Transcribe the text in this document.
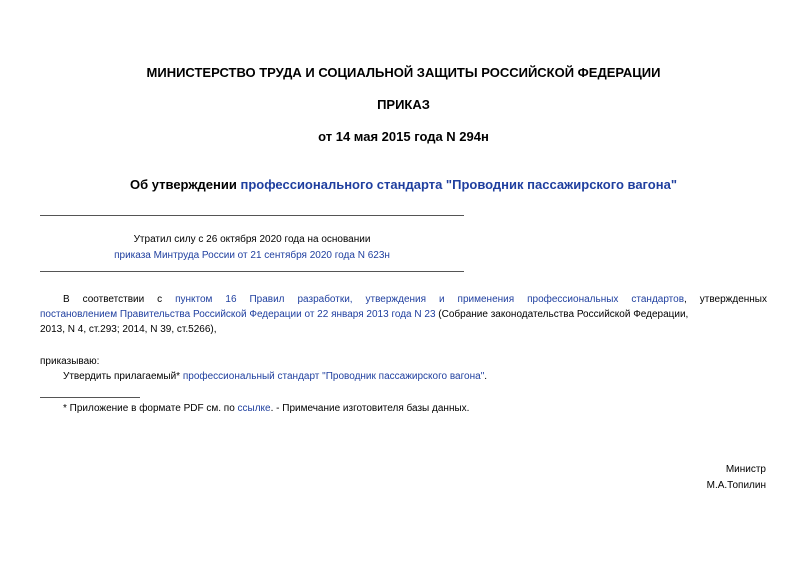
МИНИСТЕРСТВО ТРУДА И СОЦИАЛЬНОЙ ЗАЩИТЫ РОССИЙСКОЙ ФЕДЕРАЦИИ
ПРИКАЗ
от 14 мая 2015 года N 294н
Об утверждении профессионального стандарта "Проводник пассажирского вагона"
Утратил силу с 26 октября 2020 года на основании
приказа Минтруда России от 21 сентября 2020 года N 623н
В соответствии с пунктом 16 Правил разработки, утверждения и применения профессиональных стандартов, утвержденных
постановлением Правительства Российской Федерации от 22 января 2013 года N 23 (Собрание законодательства Российской Федерации,
2013, N 4, ст.293; 2014, N 39, ст.5266),
приказываю:
Утвердить прилагаемый* профессиональный стандарт "Проводник пассажирского вагона".
* Приложение в формате PDF см. по ссылке. - Примечание изготовителя базы данных.
Министр
М.А.Топилин
